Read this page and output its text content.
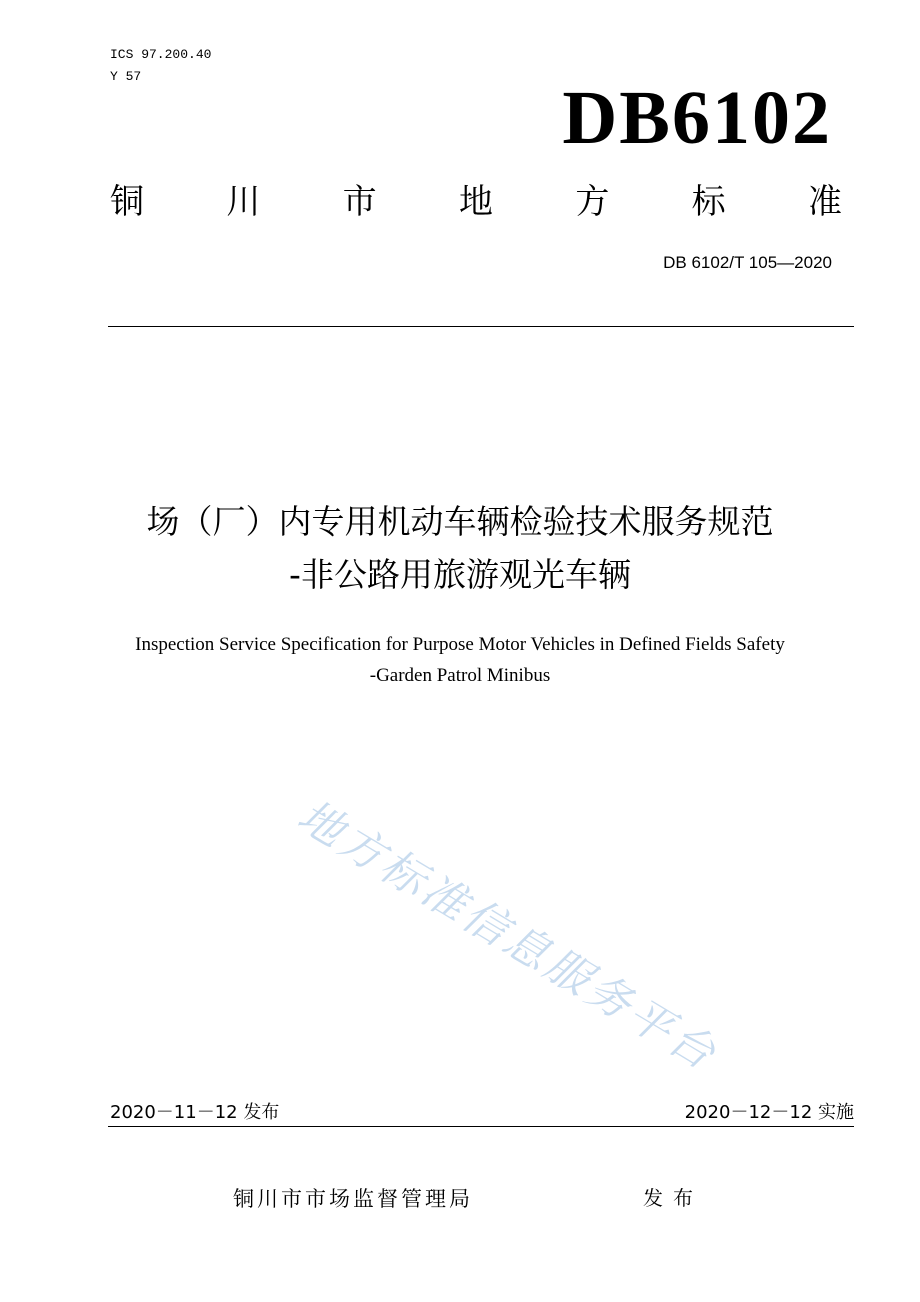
ICS 97.200.40
Y 57	DB6102
铜 川 市 地 方 标 准
DB 6102/T 105—2020
场（厂）内专用机动车辆检验技术服务规范
-非公路用旅游观光车辆
Inspection Service Specification for Purpose Motor Vehicles in Defined Fields Safety
-Garden Patrol Minibus
地方标准信息服务平台
2020－11－12 发布	2020－12－12 实施
铜川市市场监督管理局	发布
